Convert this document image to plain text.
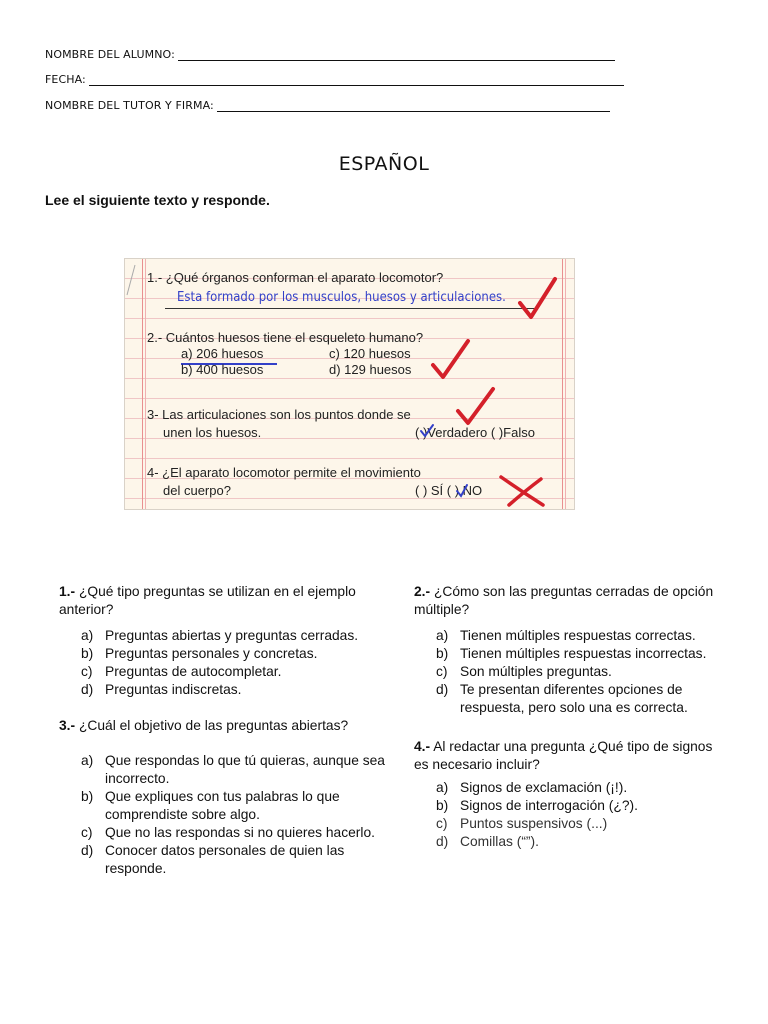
NOMBRE DEL ALUMNO:
FECHA:
NOMBRE DEL TUTOR Y FIRMA:
ESPAÑOL
Lee el siguiente texto y responde.
1.- ¿Qué órganos conforman el aparato locomotor?
Esta formado por los musculos, huesos y articulaciones.
2.- Cuántos huesos tiene el esqueleto humano?
a) 206 huesos
b) 400 huesos
c) 120 huesos
d) 129 huesos
3- Las articulaciones son los puntos donde se
unen los huesos.	( )Verdadero ( )Falso
4- ¿El aparato locomotor permite el movimiento
del cuerpo?	( ) SÍ ( ) NO
1.- ¿Qué tipo preguntas se utilizan en el ejemplo anterior?
a) Preguntas abiertas y preguntas cerradas.
b) Preguntas personales y concretas.
c) Preguntas de autocompletar.
d) Preguntas indiscretas.
3.- ¿Cuál el objetivo de las preguntas abiertas?
a) Que respondas lo que tú quieras, aunque sea incorrecto.
b) Que expliques con tus palabras lo que comprendiste sobre algo.
c) Que no las respondas si no quieres hacerlo.
d) Conocer datos personales de quien las responde.
2.- ¿Cómo son las preguntas cerradas de opción múltiple?
a) Tienen múltiples respuestas correctas.
b) Tienen múltiples respuestas incorrectas.
c) Son múltiples preguntas.
d) Te presentan diferentes opciones de respuesta, pero solo una es correcta.
4.- Al redactar una pregunta ¿Qué tipo de signos es necesario incluir?
a) Signos de exclamación (¡!).
b) Signos de interrogación (¿?).
c) Puntos suspensivos (...)
d) Comillas (“”).
